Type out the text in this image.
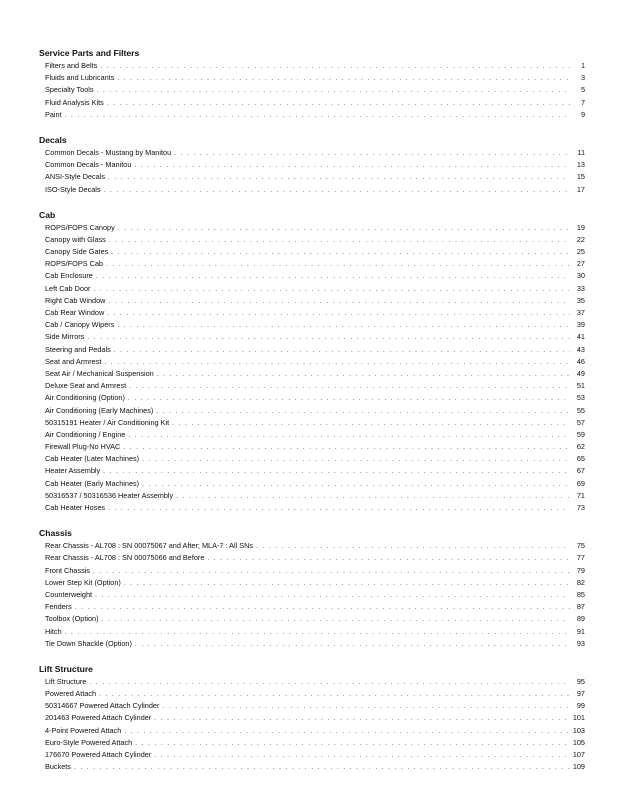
Service Parts and Filters
Filters and Belts . . .	1
Fluids and Lubricants . . .	3
Specialty Tools . . .	5
Fluid Analysis Kits . . .	7
Paint . . .	9
Decals
Common Decals - Mustang by Manitou . . .	11
Common Decals - Manitou . . .	13
ANSI-Style Decals . . .	15
ISO-Style Decals . . .	17
Cab
ROPS/FOPS Canopy . . .	19
Canopy with Glass . . .	22
Canopy Side Gates . . .	25
ROPS/FOPS Cab . . .	27
Cab Enclosure . . .	30
Left Cab Door . . .	33
Right Cab Window . . .	35
Cab Rear Window . . .	37
Cab / Canopy Wipers . . .	39
Side Mirrors . . .	41
Steering and Pedals . . .	43
Seat and Armrest . . .	46
Seat Air / Mechanical Suspension . . .	49
Deluxe Seat and Armrest . . .	51
Air Conditioning (Option) . . .	53
Air Conditioning (Early Machines) . . .	55
50315191 Heater / Air Conditioning Kit . . .	57
Air Conditioning / Engine . . .	59
Firewall Plug-No HVAC . . .	62
Cab Heater (Later Machines) . . .	65
Heater Assembly . . .	67
Cab Heater (Early Machines) . . .	69
50316537 / 50316536 Heater Assembly . . .	71
Cab Heater Hoses . . .	73
Chassis
Rear Chassis - AL708 : SN 00075067 and After; MLA-7 : All SNs . . .	75
Rear Chassis - AL708 : SN 00075066 and Before . . .	77
Front Chassis . . .	79
Lower Step Kit (Option) . . .	82
Counterweight . . .	85
Fenders . . .	87
Toolbox (Option) . . .	89
Hitch . . .	91
Tie Down Shackle (Option) . . .	93
Lift Structure
Lift Structure . . .	95
Powered Attach . . .	97
50314667 Powered Attach Cylinder . . .	99
201463 Powered Attach Cylinder . . .	101
4-Point Powered Attach . . .	103
Euro-Style Powered Attach . . .	105
176670 Powered Attach Cylinder . . .	107
Buckets . . .	109
